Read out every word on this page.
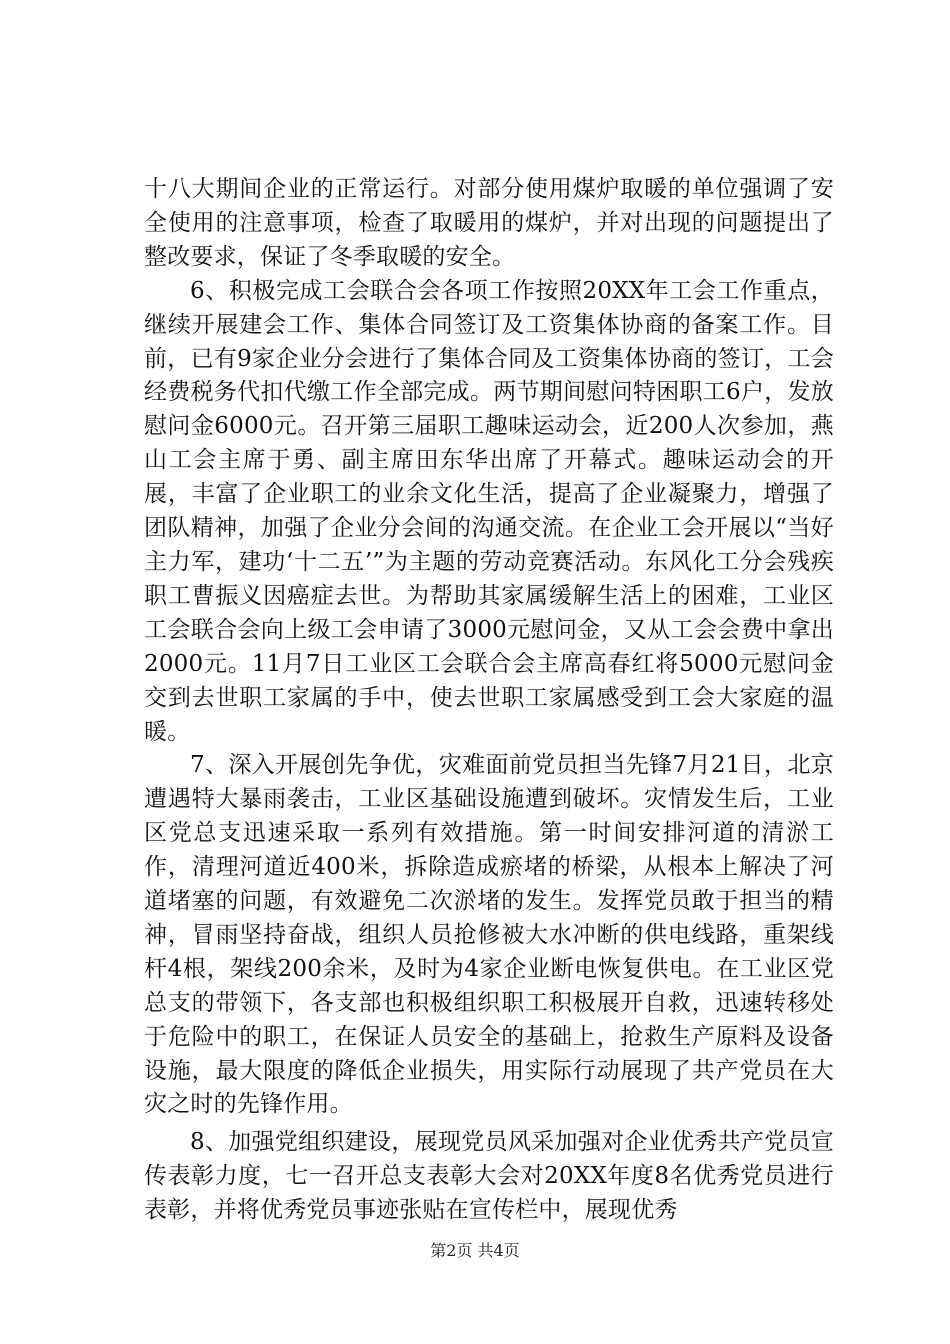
十八大期间企业的正常运行。对部分使用煤炉取暖的单位强调了安全使用的注意事项，检查了取暖用的煤炉，并对出现的问题提出了整改要求，保证了冬季取暖的安全。

6、积极完成工会联合会各项工作按照20XX年工会工作重点，继续开展建会工作、集体合同签订及工资集体协商的备案工作。目前，已有9家企业分会进行了集体合同及工资集体协商的签订，工会经费税务代扣代缴工作全部完成。两节期间慰问特困职工6户，发放慰问金6000元。召开第三届职工趣味运动会，近200人次参加，燕山工会主席于勇、副主席田东华出席了开幕式。趣味运动会的开展，丰富了企业职工的业余文化生活，提高了企业凝聚力，增强了团队精神，加强了企业分会间的沟通交流。在企业工会开展以“当好主力军，建功‘十二五’”为主题的劳动竞赛活动。东风化工分会残疾职工曹振义因癌症去世。为帮助其家属缓解生活上的困难，工业区工会联合会向上级工会申请了3000元慰问金，又从工会会费中拿出2000元。11月7日工业区工会联合会主席高春红将5000元慰问金交到去世职工家属的手中，使去世职工家属感受到工会大家庭的温暖。

7、深入开展创先争优，灾难面前党员担当先锋7月21日，北京遭遇特大暴雨袭击，工业区基础设施遭到破坏。灾情发生后，工业区党总支迅速采取一系列有效措施。第一时间安排河道的清淤工作，清理河道近400米，拆除造成瘀堵的桥梁，从根本上解决了河道堵塞的问题，有效避免二次淤堵的发生。发挥党员敢于担当的精神，冒雨坚持奋战，组织人员抢修被大水冲断的供电线路，重架线杆4根，架线200余米，及时为4家企业断电恢复供电。在工业区党总支的带领下，各支部也积极组织职工积极展开自救，迅速转移处于危险中的职工，在保证人员安全的基础上，抢救生产原料及设备设施，最大限度的降低企业损失，用实际行动展现了共产党员在大灾之时的先锋作用。

8、加强党组织建设，展现党员风采加强对企业优秀共产党员宣传表彰力度，七一召开总支表彰大会对20XX年度8名优秀党员进行表彰，并将优秀党员事迹张贴在宣传栏中，展现优秀

第2页 共4页
